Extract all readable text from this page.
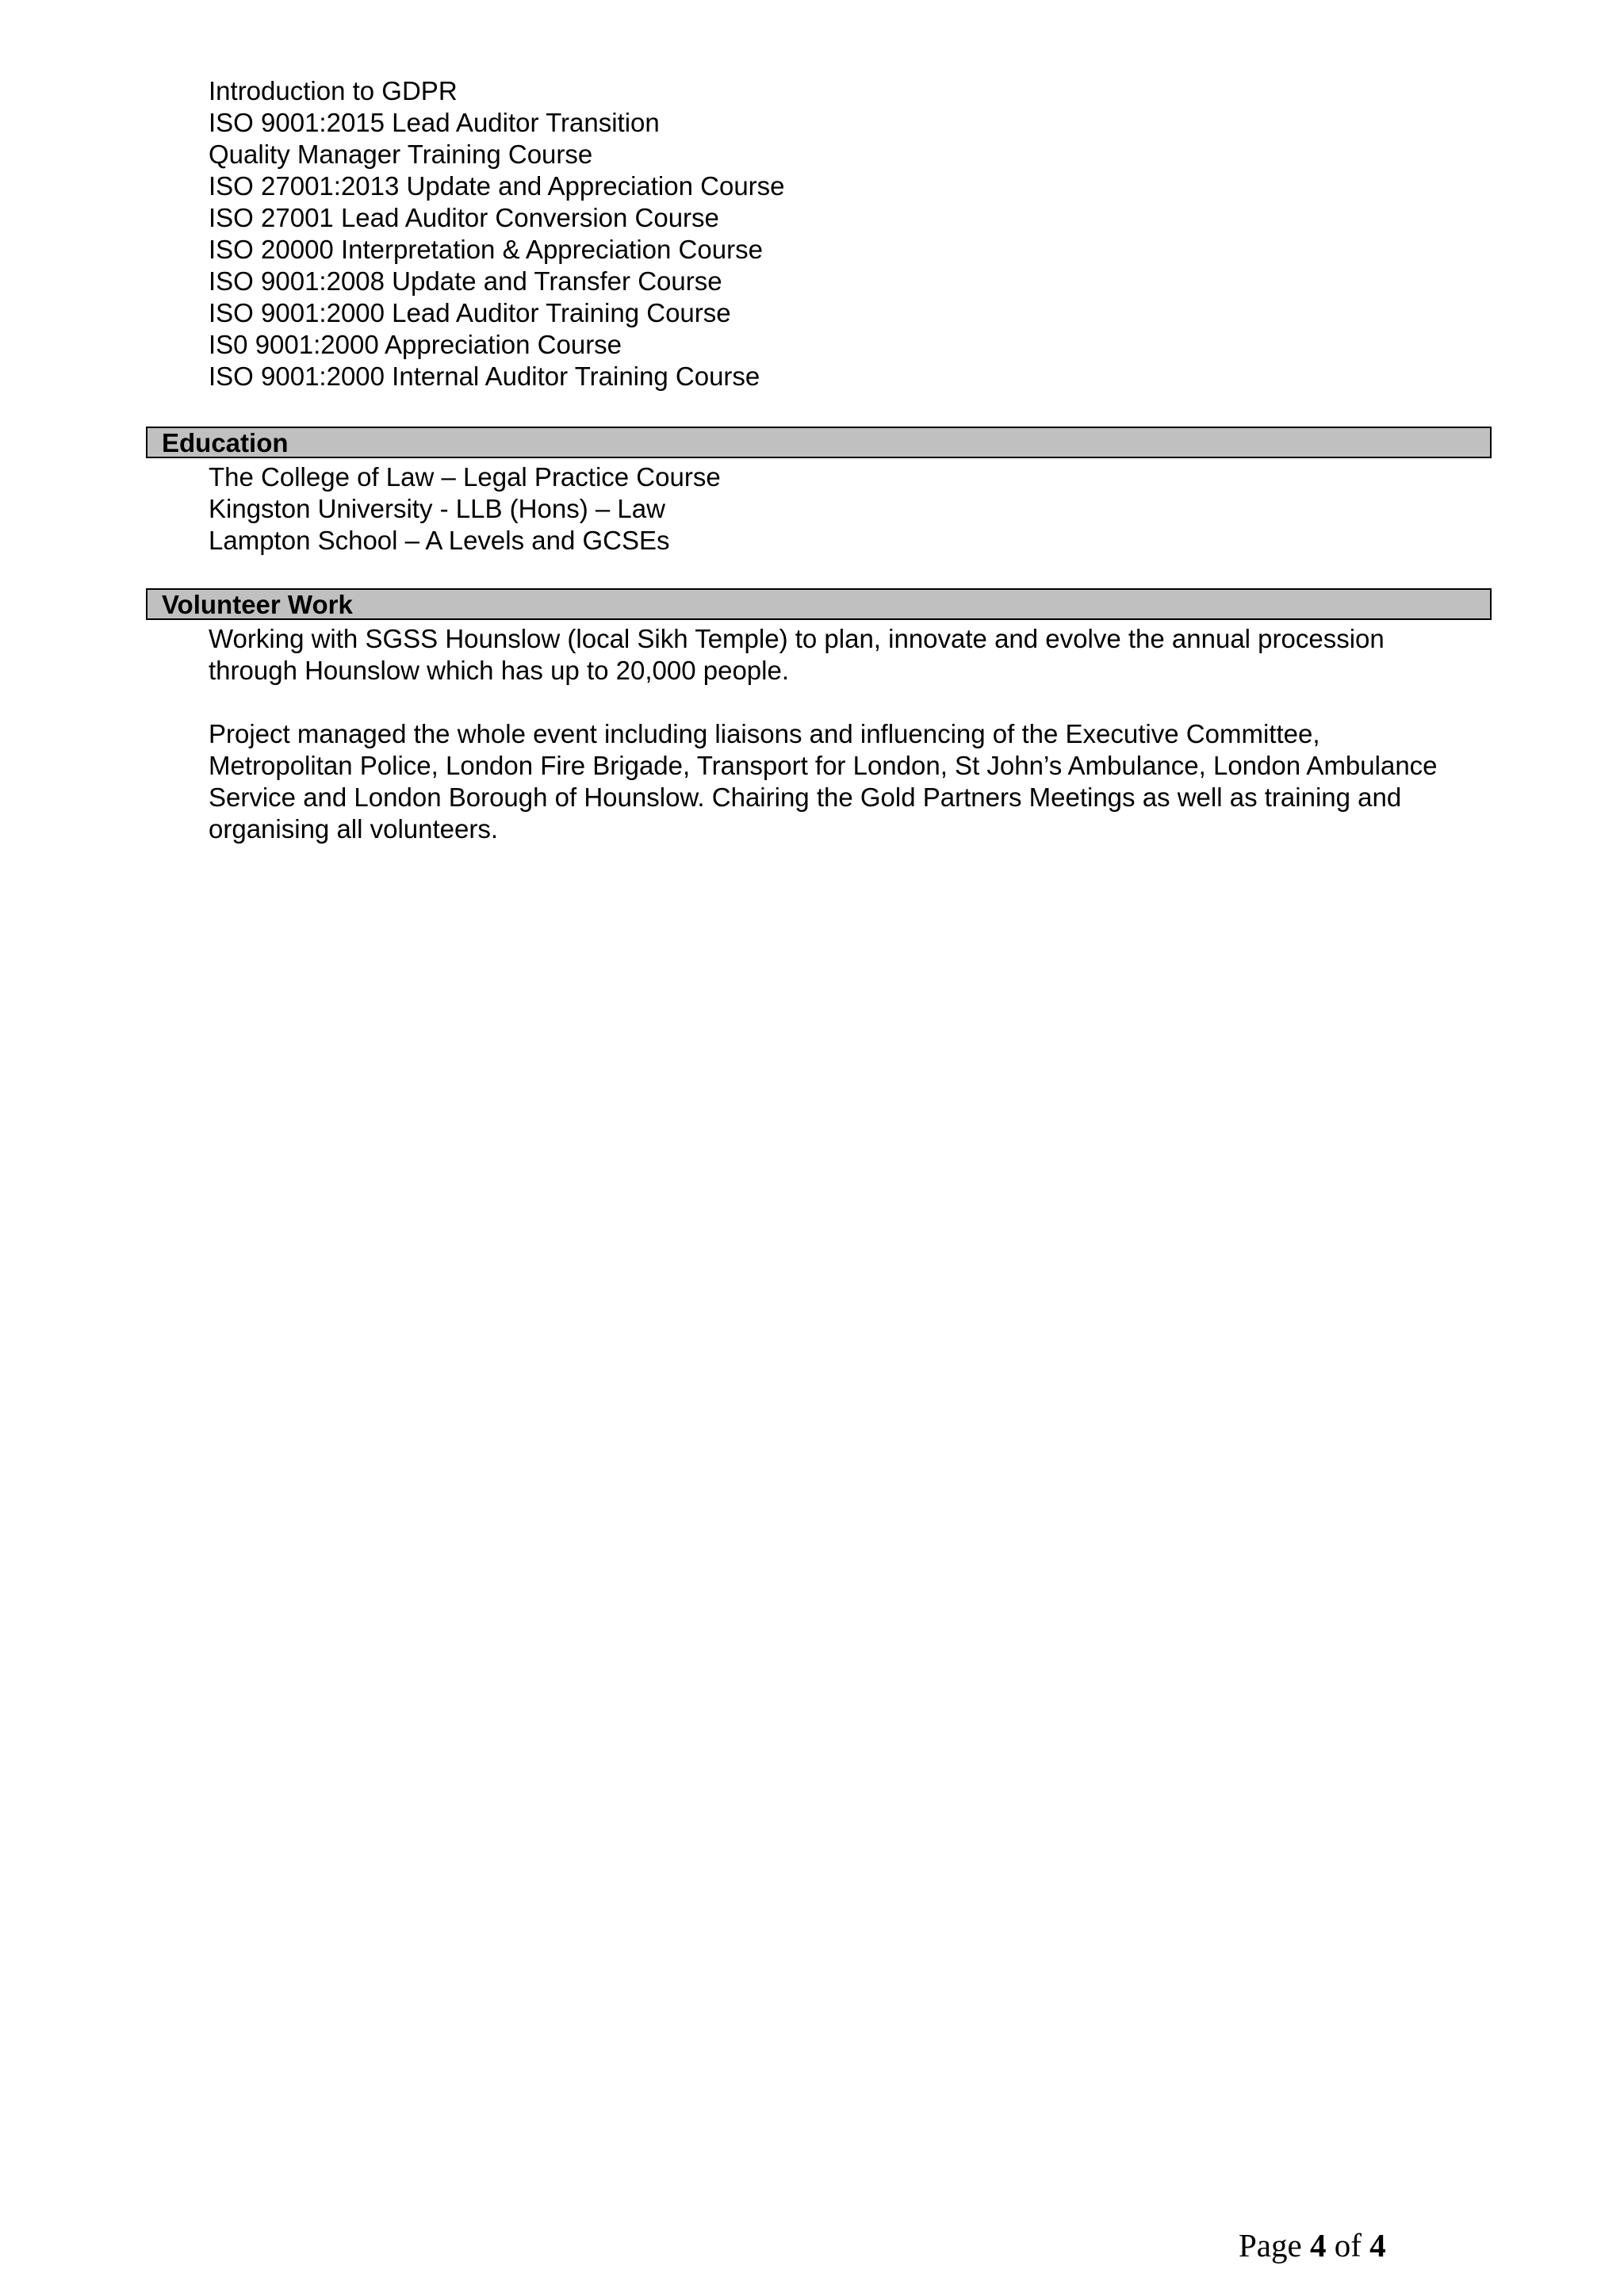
Introduction to GDPR
ISO 9001:2015 Lead Auditor Transition
Quality Manager Training Course
ISO 27001:2013 Update and Appreciation Course
ISO 27001 Lead Auditor Conversion Course
ISO 20000 Interpretation & Appreciation Course
ISO 9001:2008 Update and Transfer Course
ISO 9001:2000 Lead Auditor Training Course
IS0 9001:2000 Appreciation Course
ISO 9001:2000 Internal Auditor Training Course
Education
The College of Law – Legal Practice Course
Kingston University - LLB (Hons) – Law
Lampton School – A Levels and GCSEs
Volunteer Work

Working with SGSS Hounslow (local Sikh Temple) to plan, innovate and evolve the annual procession through Hounslow which has up to 20,000 people.

Project managed the whole event including liaisons and influencing of the Executive Committee, Metropolitan Police, London Fire Brigade, Transport for London, St John’s Ambulance, London Ambulance Service and London Borough of Hounslow. Chairing the Gold Partners Meetings as well as training and organising all volunteers.

Page 4 of 4
